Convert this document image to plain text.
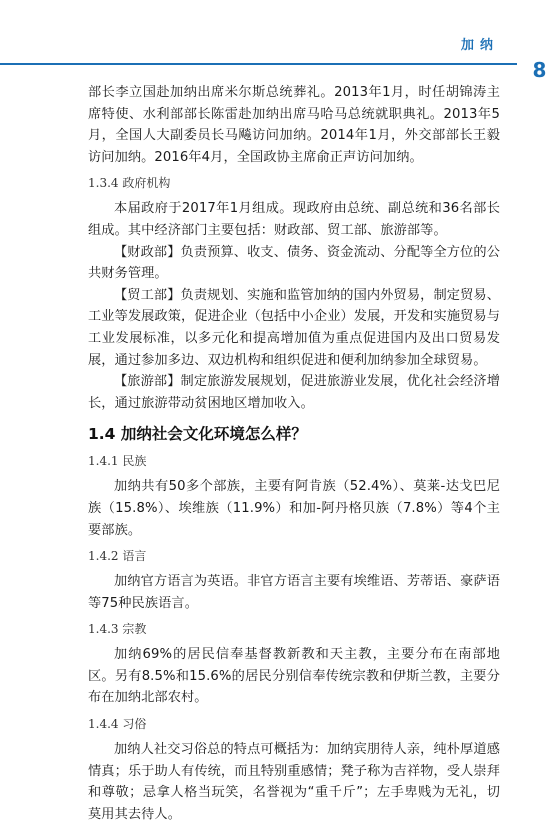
加纳
8

部长李立国赴加纳出席米尔斯总统葬礼。2013年1月，时任胡锦涛主席特使、水利部部长陈雷赴加纳出席马哈马总统就职典礼。2013年5月，全国人大副委员长马飚访问加纳。2014年1月，外交部部长王毅访问加纳。2016年4月，全国政协主席俞正声访问加纳。

1.3.4 政府机构

本届政府于2017年1月组成。现政府由总统、副总统和36名部长组成。其中经济部门主要包括：财政部、贸工部、旅游部等。

【财政部】负责预算、收支、债务、资金流动、分配等全方位的公共财务管理。

【贸工部】负责规划、实施和监管加纳的国内外贸易，制定贸易、工业等发展政策，促进企业（包括中小企业）发展，开发和实施贸易与工业发展标准，以多元化和提高增加值为重点促进国内及出口贸易发展，通过参加多边、双边机构和组织促进和便利加纳参加全球贸易。

【旅游部】制定旅游发展规划，促进旅游业发展，优化社会经济增长，通过旅游带动贫困地区增加收入。

1.4 加纳社会文化环境怎么样？
1.4.1 民族

加纳共有50多个部族，主要有阿肯族（52.4%）、莫莱-达戈巴尼族（15.8%）、埃维族（11.9%）和加-阿丹格贝族（7.8%）等4个主要部族。

1.4.2 语言

加纳官方语言为英语。非官方语言主要有埃维语、芳蒂语、豪萨语等75种民族语言。

1.4.3 宗教

加纳69%的居民信奉基督教新教和天主教，主要分布在南部地区。另有8.5%和15.6%的居民分别信奉传统宗教和伊斯兰教，主要分布在加纳北部农村。

1.4.4 习俗

加纳人社交习俗总的特点可概括为：加纳宾朋待人亲，纯朴厚道感情真；乐于助人有传统，而且特别重感情；凳子称为吉祥物，受人崇拜和尊敬；忌拿人格当玩笑，名誉视为“重千斤”；左手卑贱为无礼，切莫用其去待人。
